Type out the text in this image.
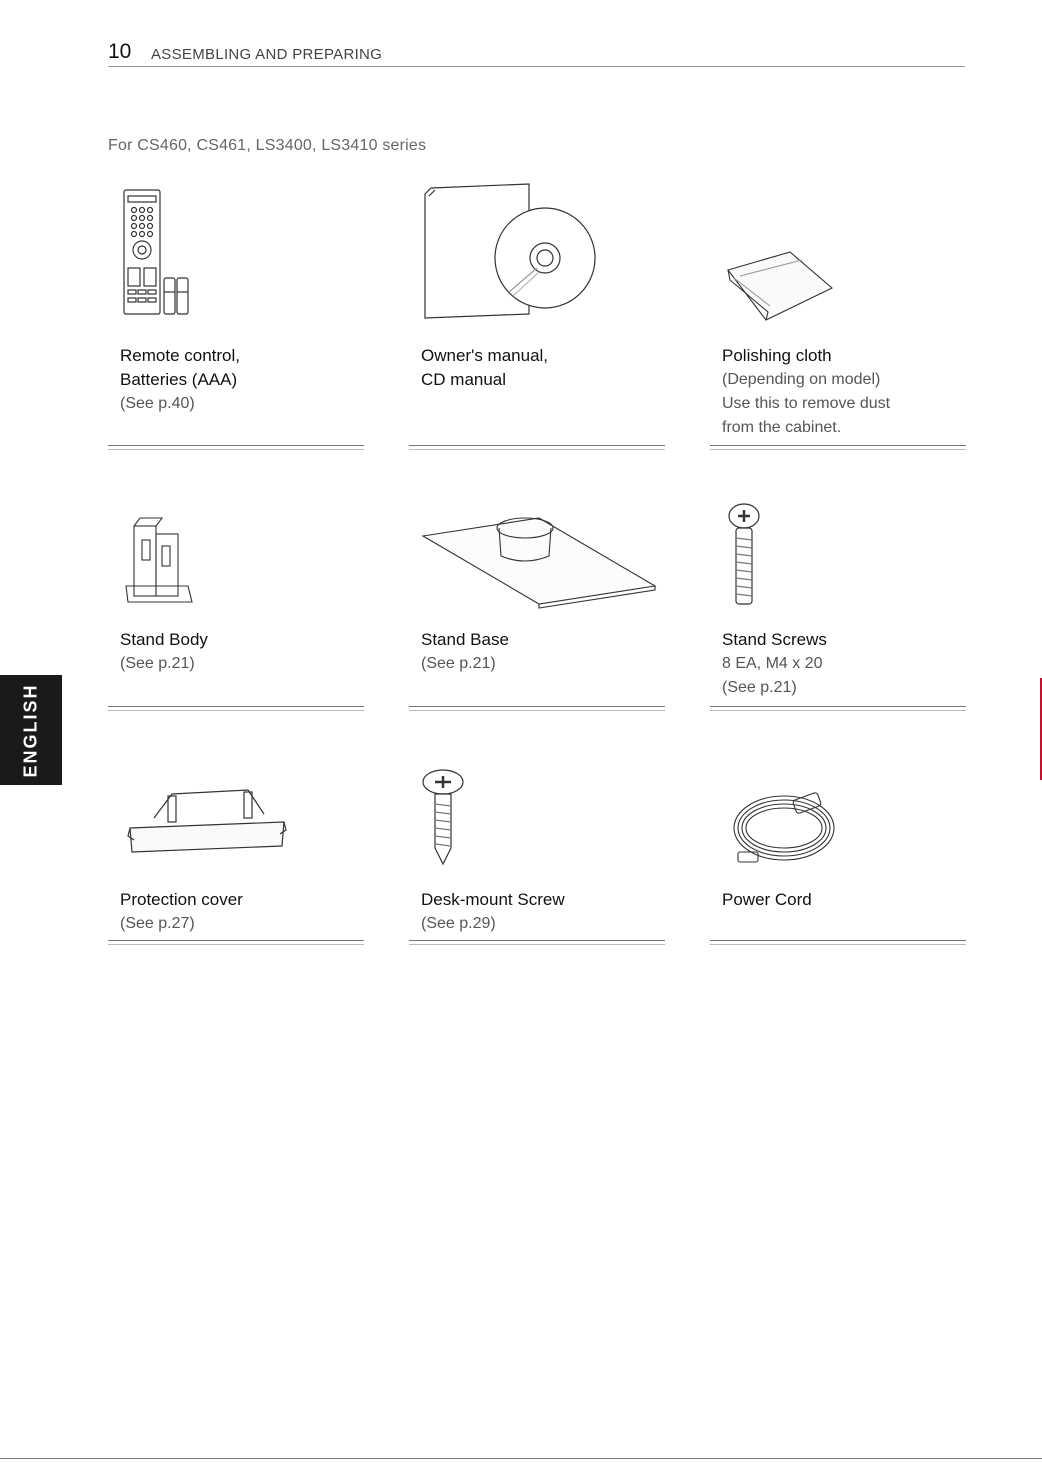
10 ASSEMBLING AND PREPARING
For CS460, CS461, LS3400, LS3410 series
Remote control,
Batteries (AAA)
(See p.40)
Owner's manual,
CD manual
Polishing cloth
(Depending on model)
Use this to remove dust
from the cabinet.
Stand Body
(See p.21)
Stand Base
(See p.21)
Stand Screws
8 EA, M4 x 20
(See p.21)
Protection cover
(See p.27)
Desk-mount Screw
(See p.29)
Power Cord
ENGLISH
